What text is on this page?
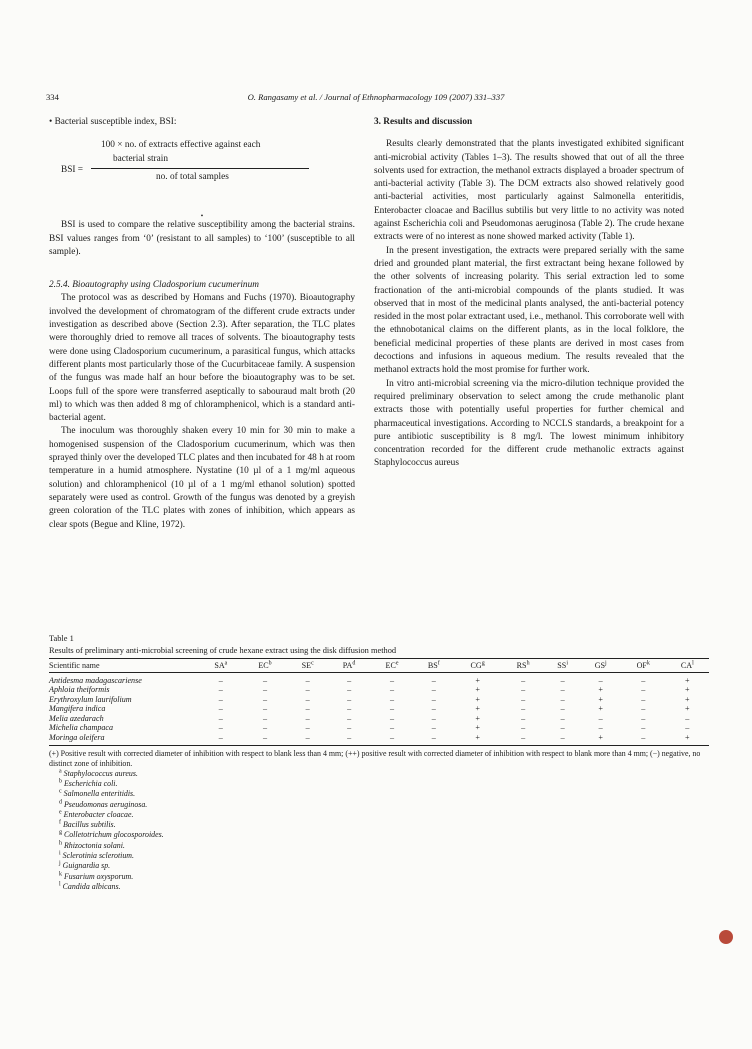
334	O. Rangasamy et al. / Journal of Ethnopharmacology 109 (2007) 331–337

• Bacterial susceptible index, BSI:

BSI =
100 × no. of extracts effective against each
bacterial strain
no. of total samples
•

BSI is used to compare the relative susceptibility among the bacterial strains. BSI values ranges from ‘0’ (resistant to all samples) to ‘100’ (susceptible to all sample).

2.5.4. Bioautography using Cladosporium cucumerinum

The protocol was as described by Homans and Fuchs (1970). Bioautography involved the development of chromatogram of the different crude extracts under investigation as described above (Section 2.3). After separation, the TLC plates were thoroughly dried to remove all traces of solvents. The bioautography tests were done using Cladosporium cucumerinum, a parasitical fungus, which attacks different plants most particularly those of the Cucurbitaceae family. A suspension of the fungus was made half an hour before the bioautography was to be set. Loops full of the spore were transferred aseptically to sabouraud malt broth (20 ml) to which was then added 8 mg of chloramphenicol, which is a standard anti-bacterial agent.

The inoculum was thoroughly shaken every 10 min for 30 min to make a homogenised suspension of the Cladosporium cucumerinum, which was then sprayed thinly over the developed TLC plates and then incubated for 48 h at room temperature in a humid atmosphere. Nystatine (10 µl of a 1 mg/ml aqueous solution) and chloramphenicol (10 µl of a 1 mg/ml ethanol solution) spotted separately were used as control. Growth of the fungus was denoted by a greyish green coloration of the TLC plates with zones of inhibition, which appears as clear spots (Begue and Kline, 1972).

3. Results and discussion

Results clearly demonstrated that the plants investigated exhibited significant anti-microbial activity (Tables 1–3). The results showed that out of all the three solvents used for extraction, the methanol extracts displayed a broader spectrum of anti-bacterial activity (Table 3). The DCM extracts also showed relatively good anti-bacterial activities, most particularly against Salmonella enteritidis, Enterobacter cloacae and Bacillus subtilis but very little to no activity was noted against Escherichia coli and Pseudomonas aeruginosa (Table 2). The crude hexane extracts were of no interest as none showed marked activity (Table 1).

In the present investigation, the extracts were prepared serially with the same dried and grounded plant material, the first extractant being hexane followed by the other solvents of increasing polarity. This serial extraction led to some fractionation of the anti-microbial compounds of the plants studied. It was observed that in most of the medicinal plants analysed, the anti-bacterial potency resided in the most polar extractant used, i.e., methanol. This corroborate well with the ethnobotanical claims on the different plants, as in the local folklore, the beneficial medicinal properties of these plants are derived in most cases from decoctions and infusions in aqueous medium. The results revealed that the methanol extracts hold the most promise for further work.

In vitro anti-microbial screening via the micro-dilution technique provided the required preliminary observation to select among the crude methanolic plant extracts those with potentially useful properties for further chemical and pharmaceutical investigations. According to NCCLS standards, a breakpoint for a pure antibiotic susceptibility is 8 mg/l. The lowest minimum inhibitory concentration recorded for the different crude methanolic extracts against Staphylococcus aureus

Table 1
Results of preliminary anti-microbial screening of crude hexane extract using the disk diffusion method
Scientific name	$SA^a$	$EC^b$	$SE^c$	$PA^d$	$EC^e$	$BS^f$	$CG^g$	$RS^h$	$SS^i$	$GS^j$	$OF^k$	$CA^l$
Antidesma madagascariense	–	–	–	–	–	–	+	–	–	–	–	+
Aphloia theiformis	–	–	–	–	–	–	+	–	–	+	–	+
Erythroxylum laurifolium	–	–	–	–	–	–	+	–	–	+	–	+
Mangifera indica	–	–	–	–	–	–	+	–	–	+	–	+
Melia azedarach	–	–	–	–	–	–	+	–	–	–	–	–
Michelia champaca	–	–	–	–	–	–	+	–	–	–	–	–
Moringa oleifera	–	–	–	–	–	–	+	–	–	+	–	+
(+) Positive result with corrected diameter of inhibition with respect to blank less than 4 mm; (++) positive result with corrected diameter of inhibition with respect to blank more than 4 mm; (−) negative, no distinct zone of inhibition.
$^a$ Staphylococcus aureus.
$^b$ Escherichia coli.
$^c$ Salmonella enteritidis.
$^d$ Pseudomonas aeruginosa.
$^e$ Enterobacter cloacae.
$^f$ Bacillus subtilis.
$^g$ Colletotrichum glocosporoides.
$^h$ Rhizoctonia solani.
$^i$ Sclerotinia sclerotium.
$^j$ Guignardia sp.
$^k$ Fusarium oxysporum.
$^l$ Candida albicans.
